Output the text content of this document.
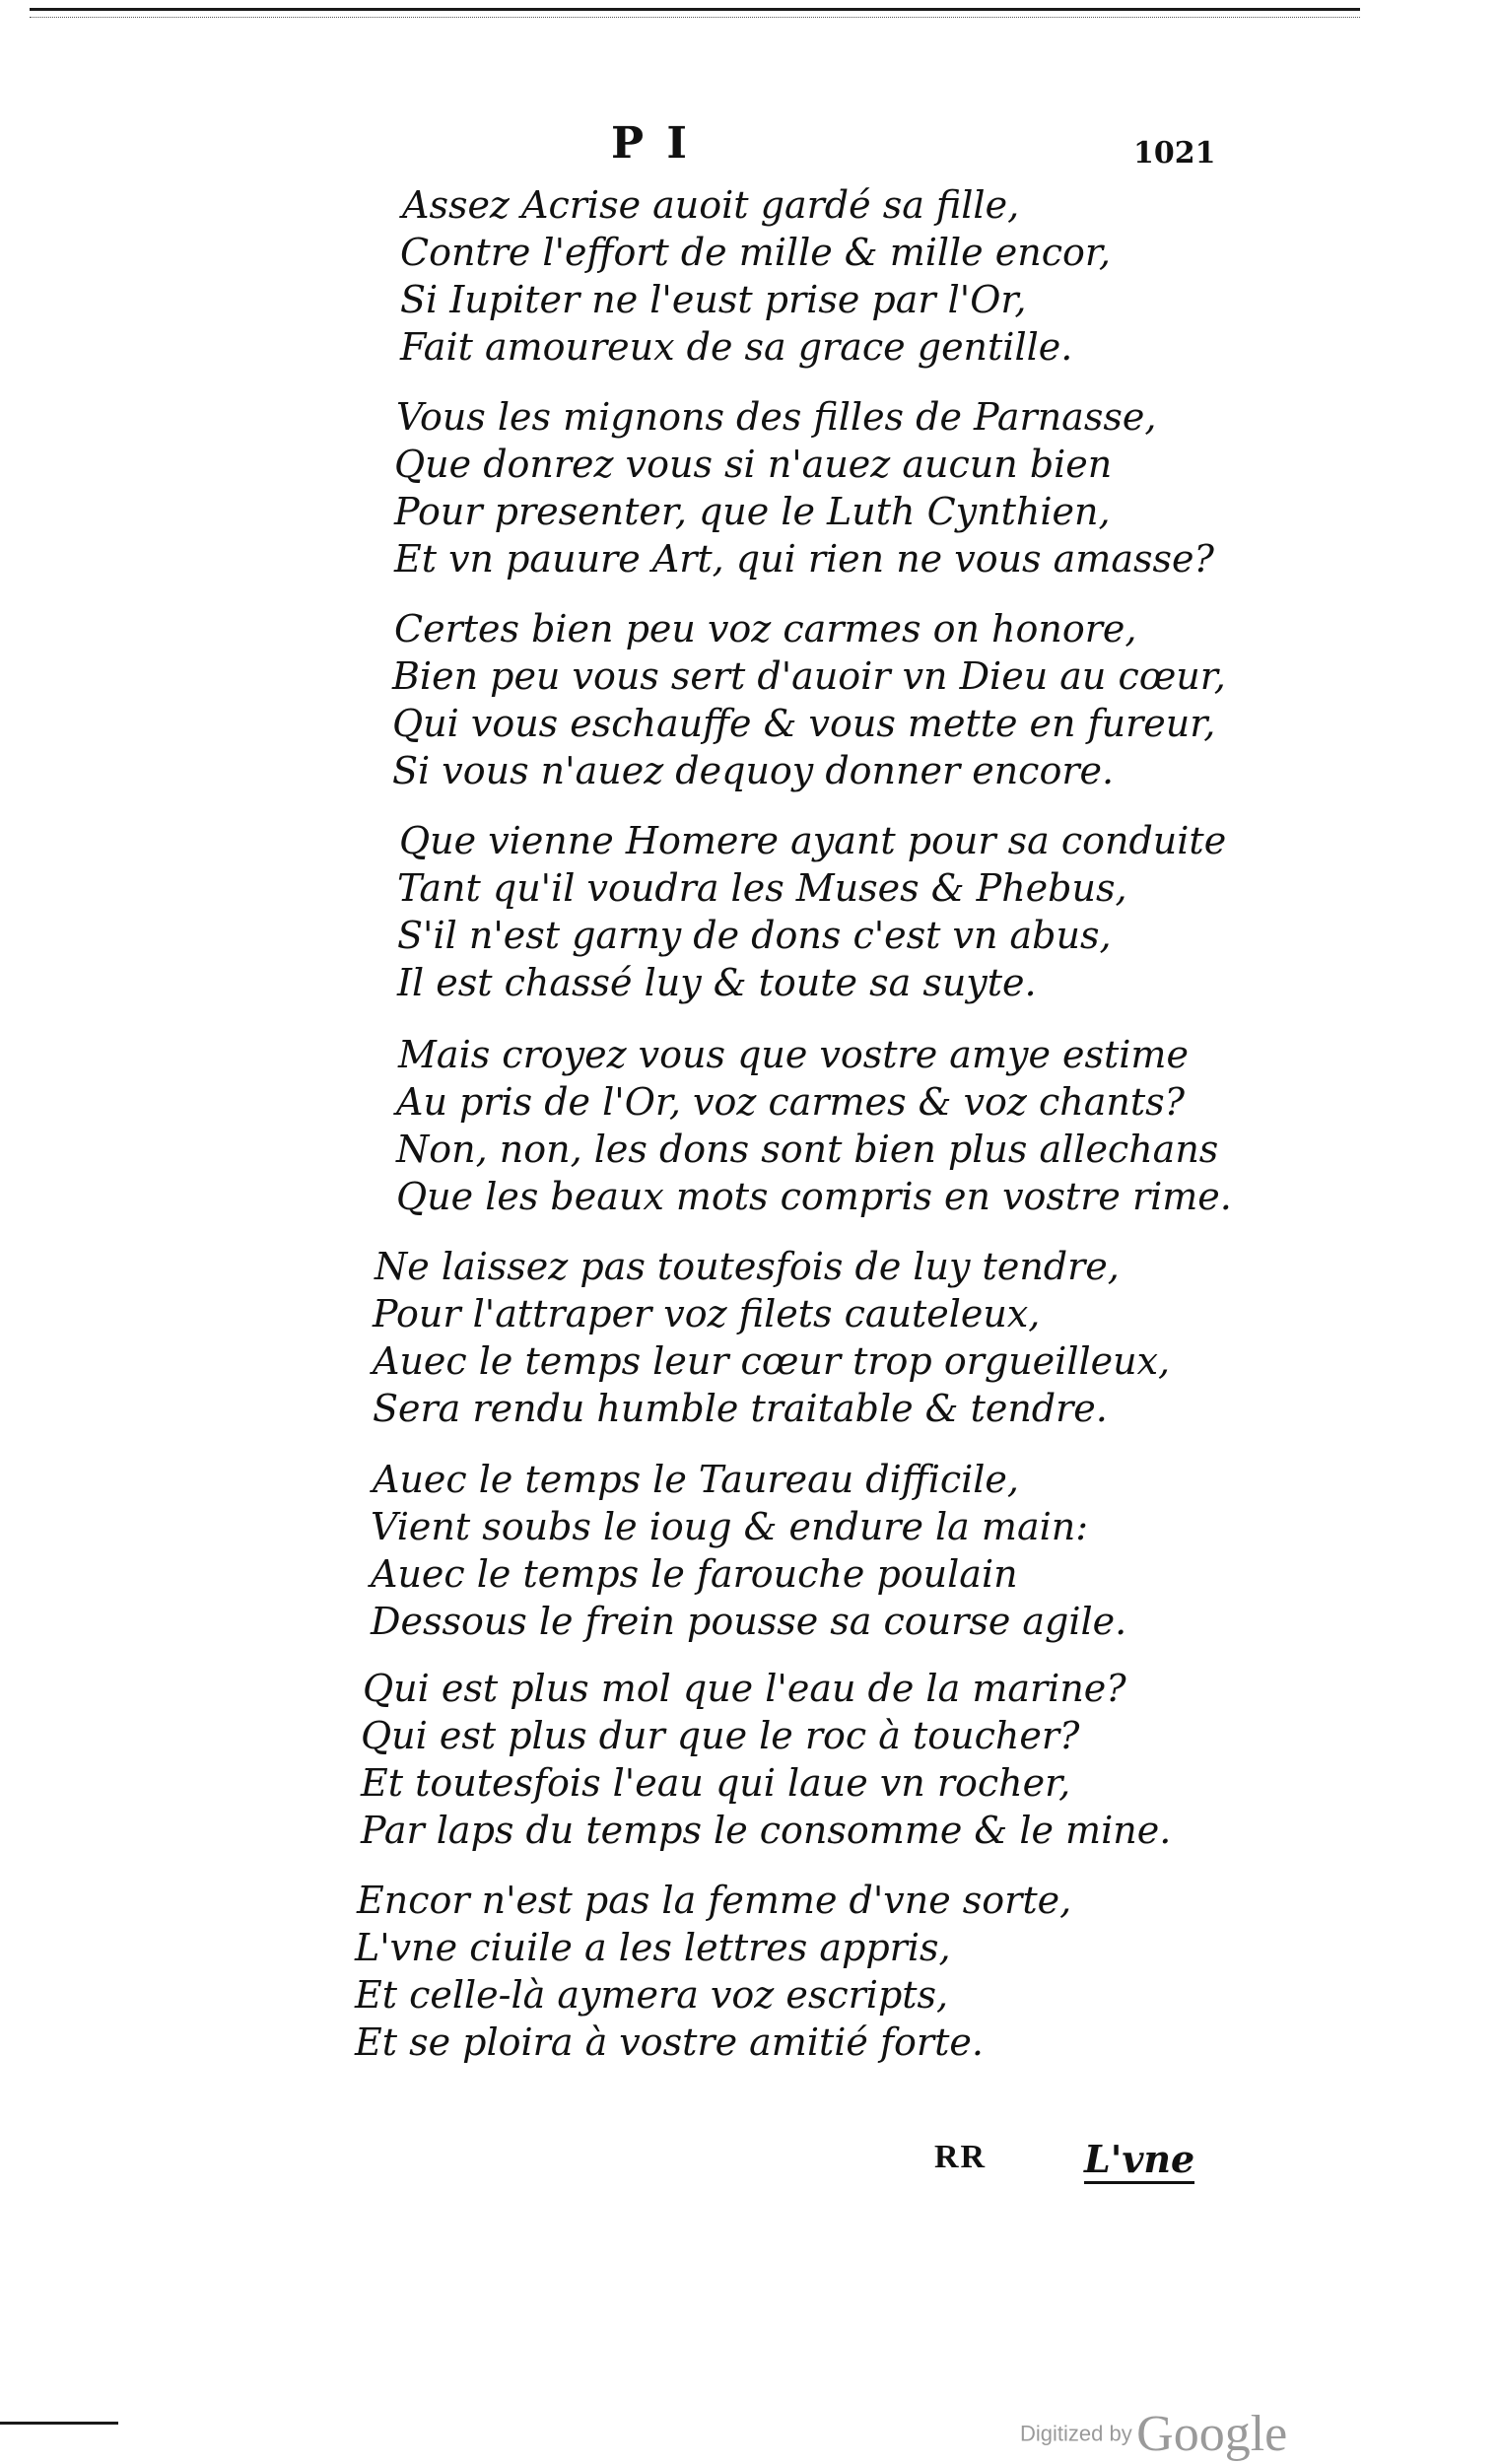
P I	1021
Assez Acrise auoit gardé sa fille,
Contre l'effort de mille & mille encor,
Si Iupiter ne l'eust prise par l'Or,
Fait amoureux de sa grace gentille.
Vous les mignons des filles de Parnasse,
Que donrez vous si n'auez aucun bien
Pour presenter, que le Luth Cynthien,
Et vn pauure Art, qui rien ne vous amasse?
Certes bien peu voz carmes on honore,
Bien peu vous sert d'auoir vn Dieu au cœur,
Qui vous eschauffe & vous mette en fureur,
Si vous n'auez dequoy donner encore.
Que vienne Homere ayant pour sa conduite
Tant qu'il voudra les Muses & Phebus,
S'il n'est garny de dons c'est vn abus,
Il est chassé luy & toute sa suyte.
Mais croyez vous que vostre amye estime
Au pris de l'Or, voz carmes & voz chants?
Non, non, les dons sont bien plus allechans
Que les beaux mots compris en vostre rime.
Ne laissez pas toutesfois de luy tendre,
Pour l'attraper voz filets cauteleux,
Auec le temps leur cœur trop orgueilleux,
Sera rendu humble traitable & tendre.
Auec le temps le Taureau difficile,
Vient soubs le ioug & endure la main:
Auec le temps le farouche poulain
Dessous le frein pousse sa course agile.
Qui est plus mol que l'eau de la marine?
Qui est plus dur que le roc à toucher?
Et toutesfois l'eau qui laue vn rocher,
Par laps du temps le consomme & le mine.
Encor n'est pas la femme d'vne sorte,
L'vne ciuile a les lettres appris,
Et celle-là aymera voz escripts,
Et se ploira à vostre amitié forte.
RR	L'vne
Digitized by Google
